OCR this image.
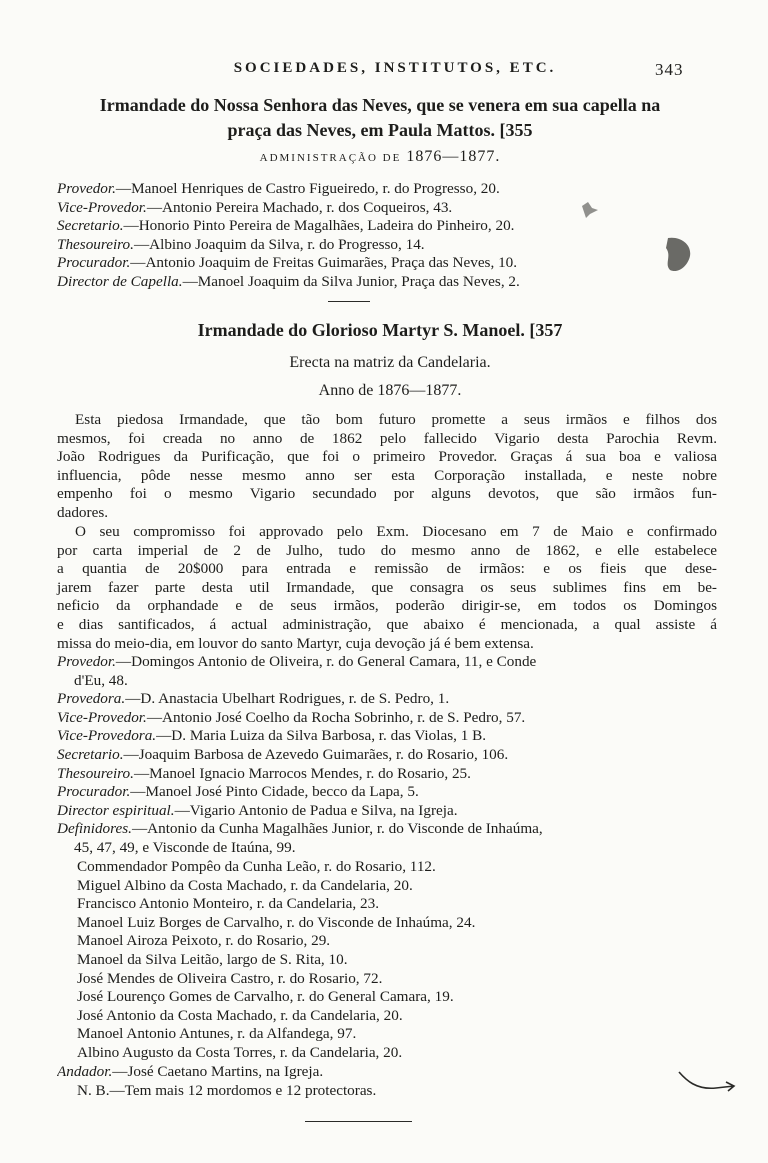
SOCIEDADES, INSTITUTOS, ETC.	343
Irmandade do Nossa Senhora das Neves, que se venera em sua capella na
praça das Neves, em Paula Mattos. [355
ADMINISTRAÇÃO DE 1876—1877.
Provedor.—Manoel Henriques de Castro Figueiredo, r. do Progresso, 20.
Vice-Provedor.—Antonio Pereira Machado, r. dos Coqueiros, 43.
Secretario.—Honorio Pinto Pereira de Magalhães, Ladeira do Pinheiro, 20.
Thesoureiro.—Albino Joaquim da Silva, r. do Progresso, 14.
Procurador.—Antonio Joaquim de Freitas Guimarães, Praça das Neves, 10.
Director de Capella.—Manoel Joaquim da Silva Junior, Praça das Neves, 2.
Irmandade do Glorioso Martyr S. Manoel. [357
Erecta na matriz da Candelaria.
Anno de 1876—1877.
Esta piedosa Irmandade, que tão bom futuro promette a seus irmãos e filhos dos
mesmos, foi creada no anno de 1862 pelo fallecido Vigario desta Parochia Revm.
João Rodrigues da Purificação, que foi o primeiro Provedor. Graças á sua boa e valiosa
influencia, pôde nesse mesmo anno ser esta Corporação installada, e neste nobre
empenho foi o mesmo Vigario secundado por alguns devotos, que são irmãos fun-
dadores.
O seu compromisso foi approvado pelo Exm. Diocesano em 7 de Maio e confirmado
por carta imperial de 2 de Julho, tudo do mesmo anno de 1862, e elle estabelece
a quantia de 20$000 para entrada e remissão de irmãos: e os fieis que dese-
jarem fazer parte desta util Irmandade, que consagra os seus sublimes fins em be-
neficio da orphandade e de seus irmãos, poderão dirigir-se, em todos os Domingos
e dias santificados, á actual administração, que abaixo é mencionada, a qual assiste á
missa do meio-dia, em louvor do santo Martyr, cuja devoção já é bem extensa.
Provedor.—Domingos Antonio de Oliveira, r. do General Camara, 11, e Conde
d'Eu, 48.
Provedora.—D. Anastacia Ubelhart Rodrigues, r. de S. Pedro, 1.
Vice-Provedor.—Antonio José Coelho da Rocha Sobrinho, r. de S. Pedro, 57.
Vice-Provedora.—D. Maria Luiza da Silva Barbosa, r. das Violas, 1 B.
Secretario.—Joaquim Barbosa de Azevedo Guimarães, r. do Rosario, 106.
Thesoureiro.—Manoel Ignacio Marrocos Mendes, r. do Rosario, 25.
Procurador.—Manoel José Pinto Cidade, becco da Lapa, 5.
Director espiritual.—Vigario Antonio de Padua e Silva, na Igreja.
Definidores.—Antonio da Cunha Magalhães Junior, r. do Visconde de Inhaúma,
45, 47, 49, e Visconde de Itaúna, 99.
Commendador Pompêo da Cunha Leão, r. do Rosario, 112.
Miguel Albino da Costa Machado, r. da Candelaria, 20.
Francisco Antonio Monteiro, r. da Candelaria, 23.
Manoel Luiz Borges de Carvalho, r. do Visconde de Inhaúma, 24.
Manoel Airoza Peixoto, r. do Rosario, 29.
Manoel da Silva Leitão, largo de S. Rita, 10.
José Mendes de Oliveira Castro, r. do Rosario, 72.
José Lourenço Gomes de Carvalho, r. do General Camara, 19.
José Antonio da Costa Machado, r. da Candelaria, 20.
Manoel Antonio Antunes, r. da Alfandega, 97.
Albino Augusto da Costa Torres, r. da Candelaria, 20.
Andador.—José Caetano Martins, na Igreja.
N. B.—Tem mais 12 mordomos e 12 protectoras.
